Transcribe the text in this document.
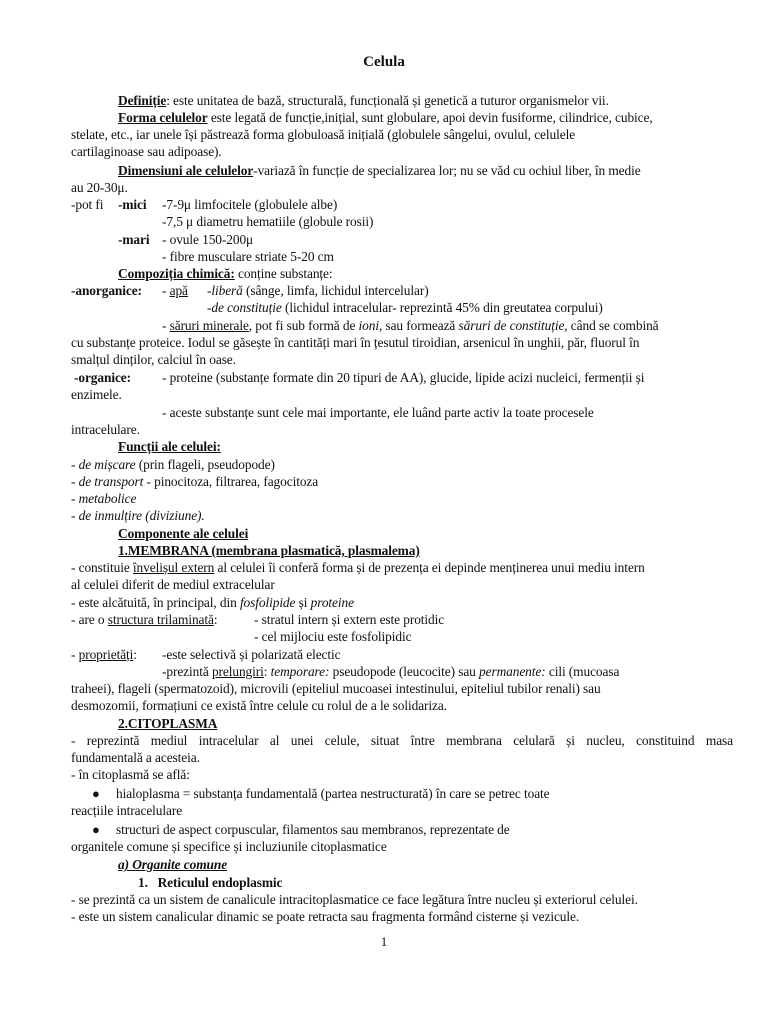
Celula
Definiție: este unitatea de bază, structurală, funcțională și genetică a tuturor organismelor vii.
Forma celulelor este legată de funcție,inițial, sunt globulare, apoi devin fusiforme, cilindrice, cubice,
stelate, etc., iar unele își păstrează forma globuloasă inițială (globulele sângelui, ovulul, celulele
cartilaginoase sau adipoase).
Dimensiuni ale celulelor-variază în funcție de specializarea lor; nu se văd cu ochiul liber, în medie
au 20-30μ.
-pot fi -mici -7-9μ limfocitele (globulele albe)
-7,5 μ diametru hematiile (globule rosii)
-mari - ovule 150-200μ
- fibre musculare striate 5-20 cm
Compoziția chimică: conține substanțe:
-anorganice: - apă -liberă (sânge, limfa, lichidul intercelular)
-de constituție (lichidul intracelular- reprezintă 45% din greutatea corpului)
- săruri minerale, pot fi sub formă de ioni, sau formează săruri de constituție, când se combină
cu substanțe proteice. Iodul se găsește în cantități mari în țesutul tiroidian, arsenicul în unghii, păr, fluorul în
smalțul dinților, calciul în oase.
-organice: - proteine (substanțe formate din 20 tipuri de AA), glucide, lipide acizi nucleici, fermenții și
enzimele.
- aceste substanțe sunt cele mai importante, ele luând parte activ la toate procesele
intracelulare.
Funcții ale celulei:
- de mișcare (prin flageli, pseudopode)
- de transport - pinocitoza, filtrarea, fagocitoza
- metabolice
- de inmulțire (diviziune).
Componente ale celulei
1.MEMBRANA (membrana plasmatică, plasmalema)
- constituie învelișul extern al celulei îi conferă forma și de prezența ei depinde menținerea unui mediu intern
al celulei diferit de mediul extracelular
- este alcătuită, în principal, din fosfolipide și proteine
- are o structura trilaminată:	- stratul intern și extern este protidic
- cel mijlociu este fosfolipidic
- proprietăți: -este selectivă și polarizată electic
-prezintă prelungiri: temporare: pseudopode (leucocite) sau permanente: cili (mucoasa
traheei), flageli (spermatozoid), microvili (epiteliul mucoasei intestinului, epiteliul tubilor renali) sau
desmozomii, formațiuni ce există între celule cu rolul de a le solidariza.
2.CITOPLASMA
- reprezintă mediul intracelular al unei celule, situat între membrana celulară și nucleu, constituind masa
fundamentală a acesteia.
- în citoplasmă se află:
● hialoplasma = substanța fundamentală (partea nestructurată) în care se petrec toate
reacțiile intracelulare
● structuri de aspect corpuscular, filamentos sau membranos, reprezentate de
organitele comune și specifice și incluziunile citoplasmatice
a) Organite comune
1.   Reticulul endoplasmic
- se prezintă ca un sistem de canalicule intracitoplasmatice ce face legătura între nucleu și exteriorul celulei.
- este un sistem canalicular dinamic se poate retracta sau fragmenta formând cisterne și vezicule.
1
